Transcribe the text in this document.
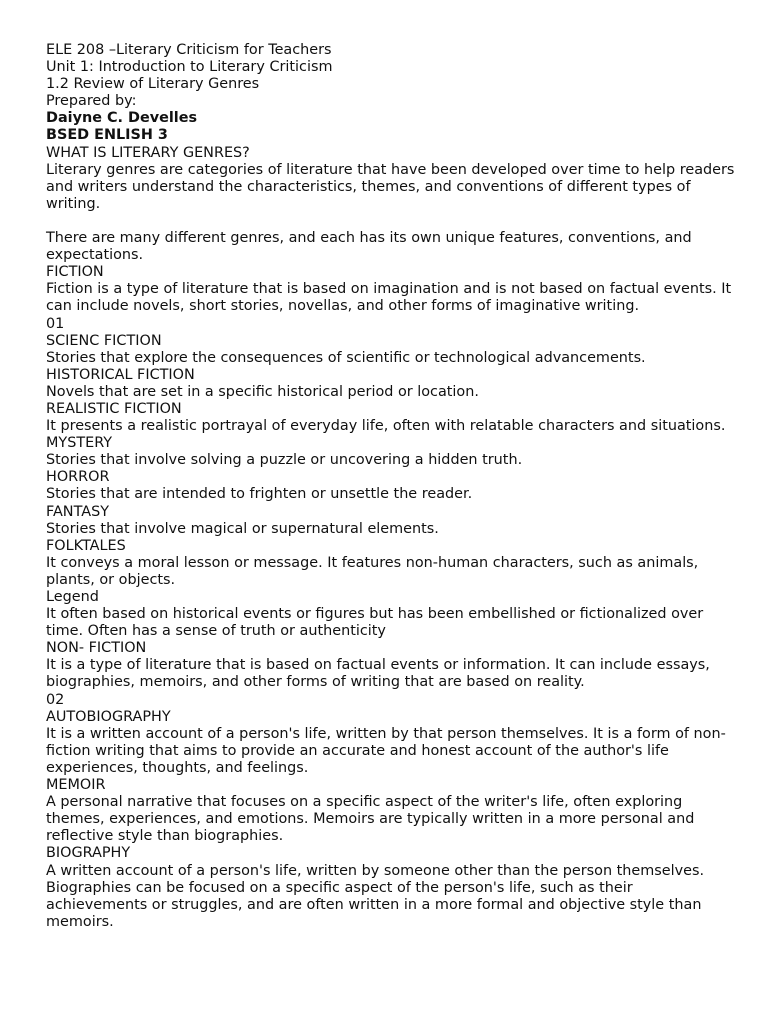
ELE 208 –Literary Criticism for Teachers
Unit 1: Introduction to Literary Criticism
1.2 Review of Literary Genres
Prepared by:
Daiyne C. Develles
BSED ENLISH 3
WHAT IS LITERARY GENRES?
Literary genres are categories of literature that have been developed over time to help readers and writers understand the characteristics, themes, and conventions of different types of writing.
There are many different genres, and each has its own unique features, conventions, and expectations.
FICTION
Fiction is a type of literature that is based on imagination and is not based on factual events. It can include novels, short stories, novellas, and other forms of imaginative writing.
01
SCIENC FICTION
Stories that explore the consequences of scientific or technological advancements.
HISTORICAL FICTION
Novels that are set in a specific historical period or location.
REALISTIC FICTION
It presents a realistic portrayal of everyday life, often with relatable characters and situations.
MYSTERY
Stories that involve solving a puzzle or uncovering a hidden truth.
HORROR
Stories that are intended to frighten or unsettle the reader.
FANTASY
Stories that involve magical or supernatural elements.
FOLKTALES
It conveys a moral lesson or message. It features non-human characters, such as animals, plants, or objects.
Legend
It often based on historical events or figures but has been embellished or fictionalized over time. Often has a sense of truth or authenticity
NON- FICTION
It is a type of literature that is based on factual events or information. It can include essays, biographies, memoirs, and other forms of writing that are based on reality.
02
AUTOBIOGRAPHY
It is a written account of a person's life, written by that person themselves. It is a form of non-fiction writing that aims to provide an accurate and honest account of the author's life experiences, thoughts, and feelings.
MEMOIR
A personal narrative that focuses on a specific aspect of the writer's life, often exploring themes, experiences, and emotions. Memoirs are typically written in a more personal and reflective style than biographies.
BIOGRAPHY
A written account of a person's life, written by someone other than the person themselves. Biographies can be focused on a specific aspect of the person's life, such as their achievements or struggles, and are often written in a more formal and objective style than memoirs.
